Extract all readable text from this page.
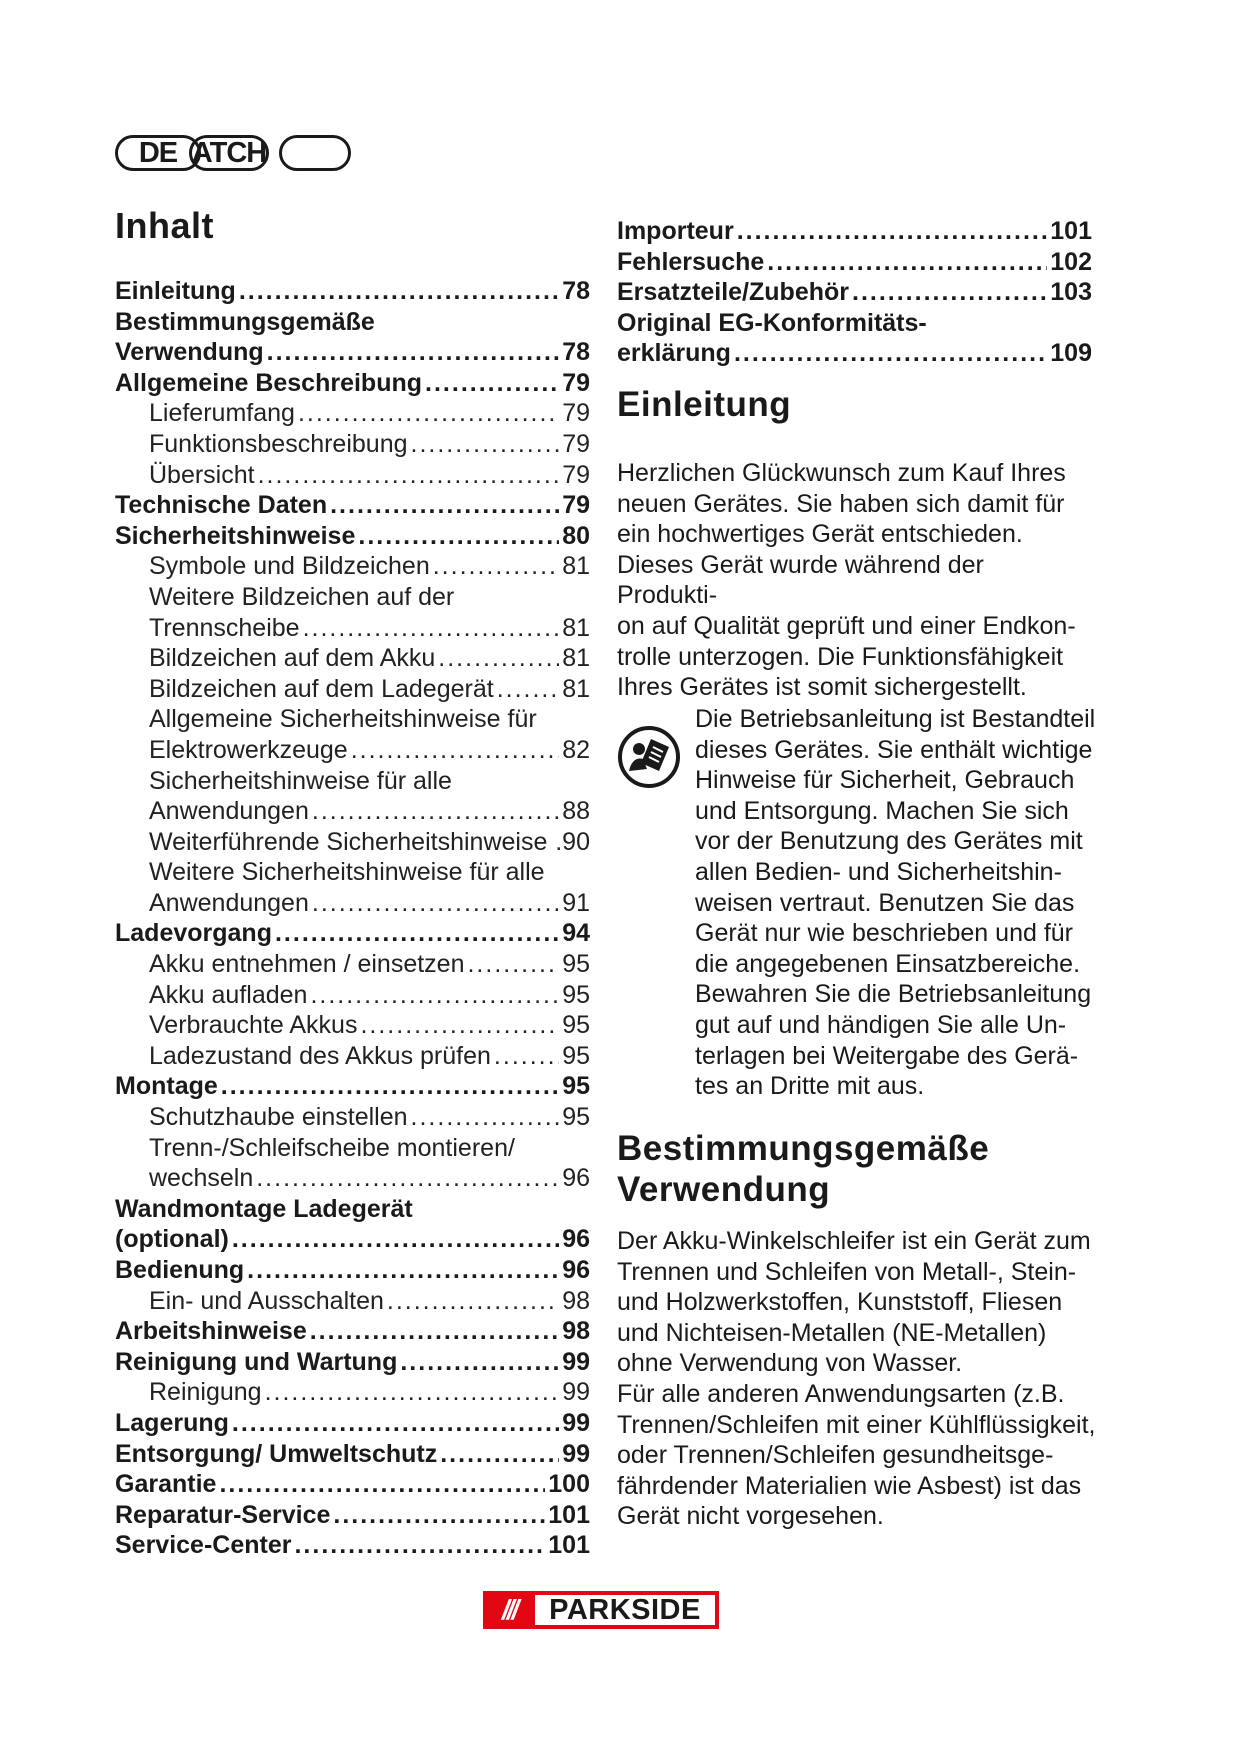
DE AT CH
Inhalt
Einleitung .....	78
Bestimmungsgemäße
Verwendung .....	78
Allgemeine Beschreibung .....	79
Lieferumfang .....	79
Funktionsbeschreibung .....	79
Übersicht .....	79
Technische Daten .....	79
Sicherheitshinweise .....	80
Symbole und Bildzeichen .....	81
Weitere Bildzeichen auf der
Trennscheibe .....	81
Bildzeichen auf dem Akku .....	81
Bildzeichen auf dem Ladegerät .....	81
Allgemeine Sicherheitshinweise für
Elektrowerkzeuge .....	82
Sicherheitshinweise für alle
Anwendungen .....	88
Weiterführende Sicherheitshinweise ..... .90
Weitere Sicherheitshinweise für alle
Anwendungen .....	91
Ladevorgang .....	94
Akku entnehmen / einsetzen .....	95
Akku aufladen .....	95
Verbrauchte Akkus .....	95
Ladezustand des Akkus prüfen .....	95
Montage .....	95
Schutzhaube einstellen .....	95
Trenn-/Schleifscheibe montieren/
wechseln .....	96
Wandmontage Ladegerät
(optional) .....	96
Bedienung .....	96
Ein- und Ausschalten .....	98
Arbeitshinweise .....	98
Reinigung und Wartung .....	99
Reinigung .....	99
Lagerung .....	99
Entsorgung/ Umweltschutz .....	99
Garantie .....	100
Reparatur-Service .....	101
Service-Center .....	101
Importeur .....	101
Fehlersuche .....	102
Ersatzteile/Zubehör .....	103
Original EG-Konformitäts-
erklärung .....	109
Einleitung
Herzlichen Glückwunsch zum Kauf Ihres
neuen Gerätes. Sie haben sich damit für
ein hochwertiges Gerät entschieden.
Dieses Gerät wurde während der Produkti-
on auf Qualität geprüft und einer Endkon-
trolle unterzogen. Die Funktionsfähigkeit
Ihres Gerätes ist somit sichergestellt.
Die Betriebsanleitung ist Bestandteil
dieses Gerätes. Sie enthält wichtige
Hinweise für Sicherheit, Gebrauch
und Entsorgung. Machen Sie sich
vor der Benutzung des Gerätes mit
allen Bedien- und Sicherheitshin-
weisen vertraut. Benutzen Sie das
Gerät nur wie beschrieben und für
die angegebenen Einsatzbereiche.
Bewahren Sie die Betriebsanleitung
gut auf und händigen Sie alle Un-
terlagen bei Weitergabe des Gerä-
tes an Dritte mit aus.
Bestimmungsgemäße
Verwendung
Der Akku-Winkelschleifer ist ein Gerät zum
Trennen und Schleifen von Metall-, Stein-
und Holzwerkstoffen, Kunststoff, Fliesen
und Nichteisen-Metallen (NE-Metallen)
ohne Verwendung von Wasser.
Für alle anderen Anwendungsarten (z.B.
Trennen/Schleifen mit einer Kühlflüssigkeit,
oder Trennen/Schleifen gesundheitsge-
fährdender Materialien wie Asbest) ist das
Gerät nicht vorgesehen.
///	PARKSIDE
